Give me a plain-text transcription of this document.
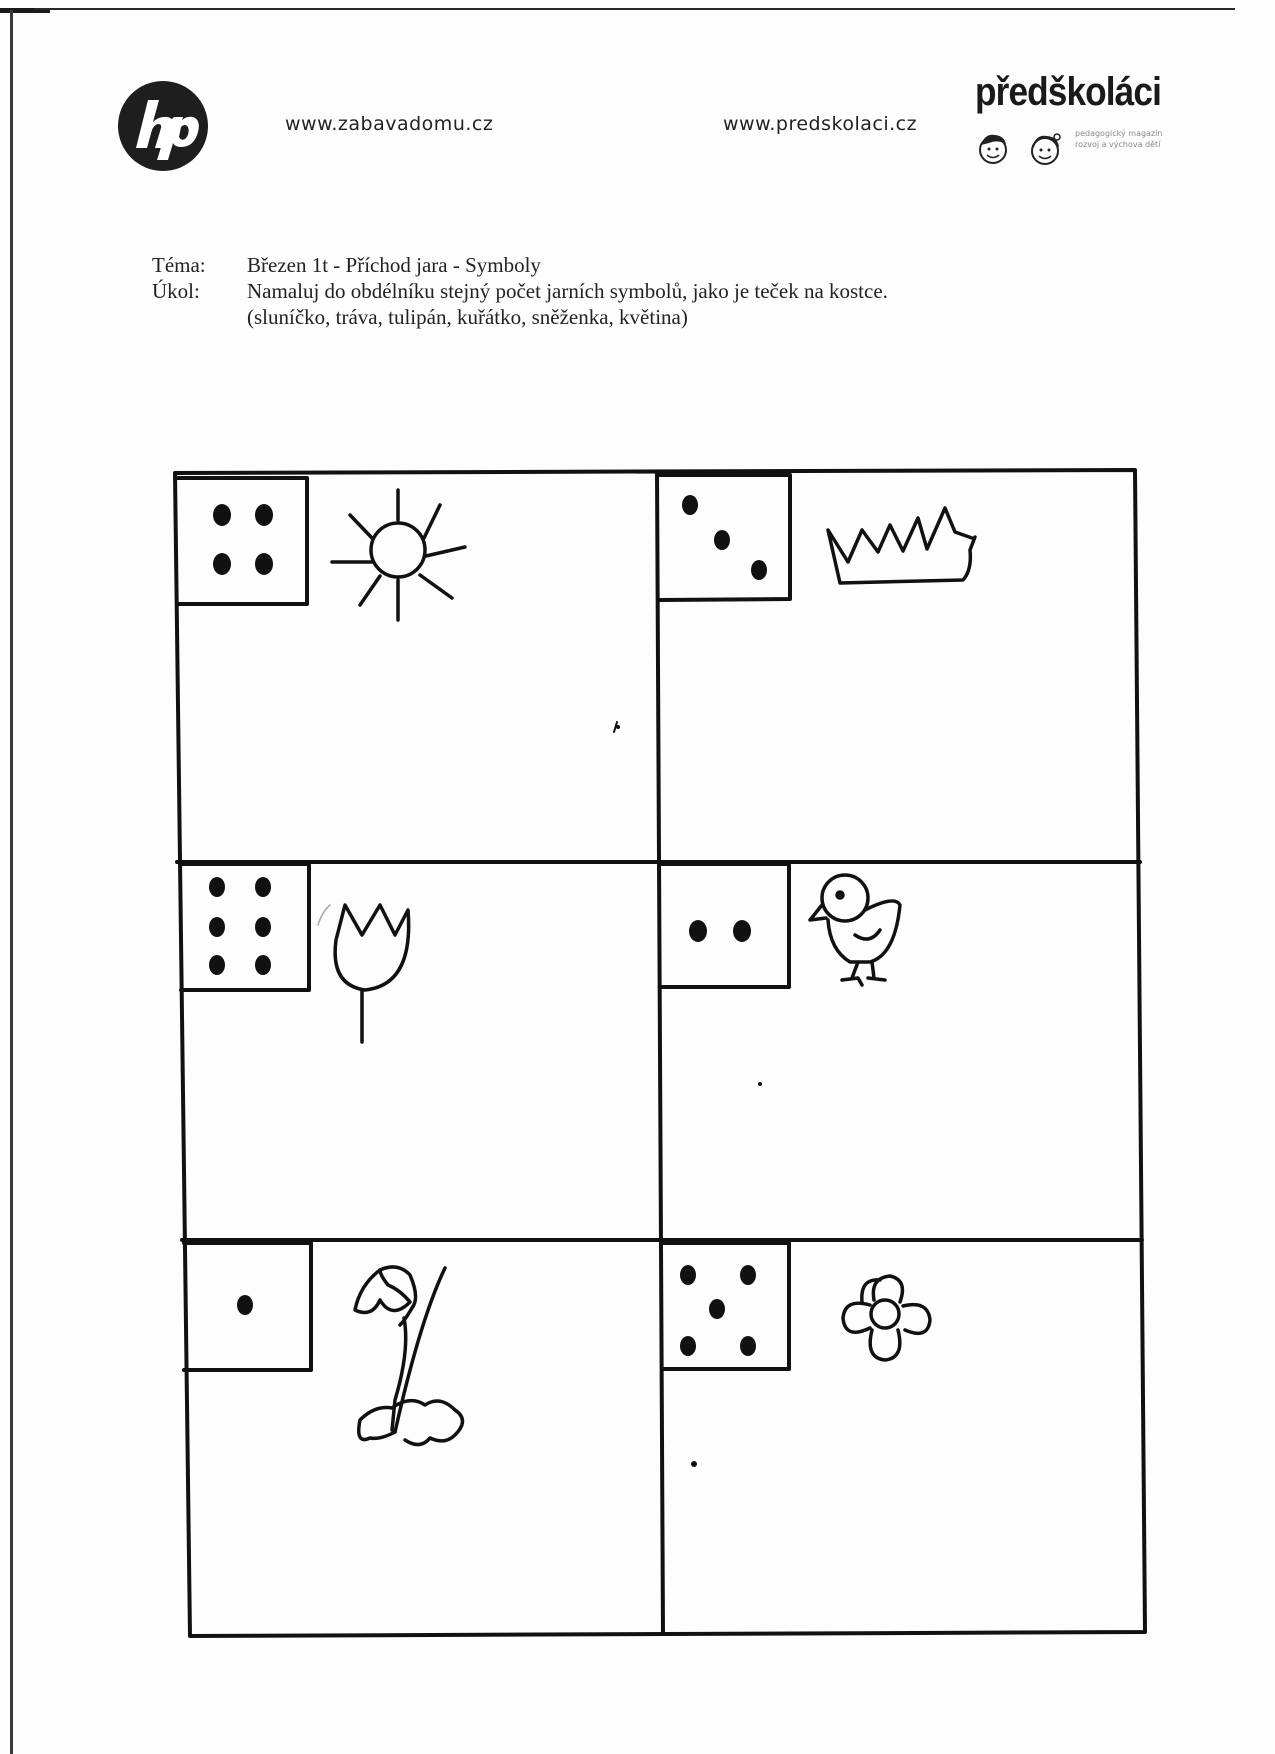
www.zabavadomu.cz	www.predskolaci.cz
předškoláci
pedagogický magazín
rozvoj a výchova dětí
Téma:	Březen 1t - Příchod jara - Symboly
Úkol:	Namaluj do obdélníku stejný počet jarních symbolů, jako je teček na kostce.
(sluníčko, tráva, tulipán, kuřátko, sněženka, květina)
